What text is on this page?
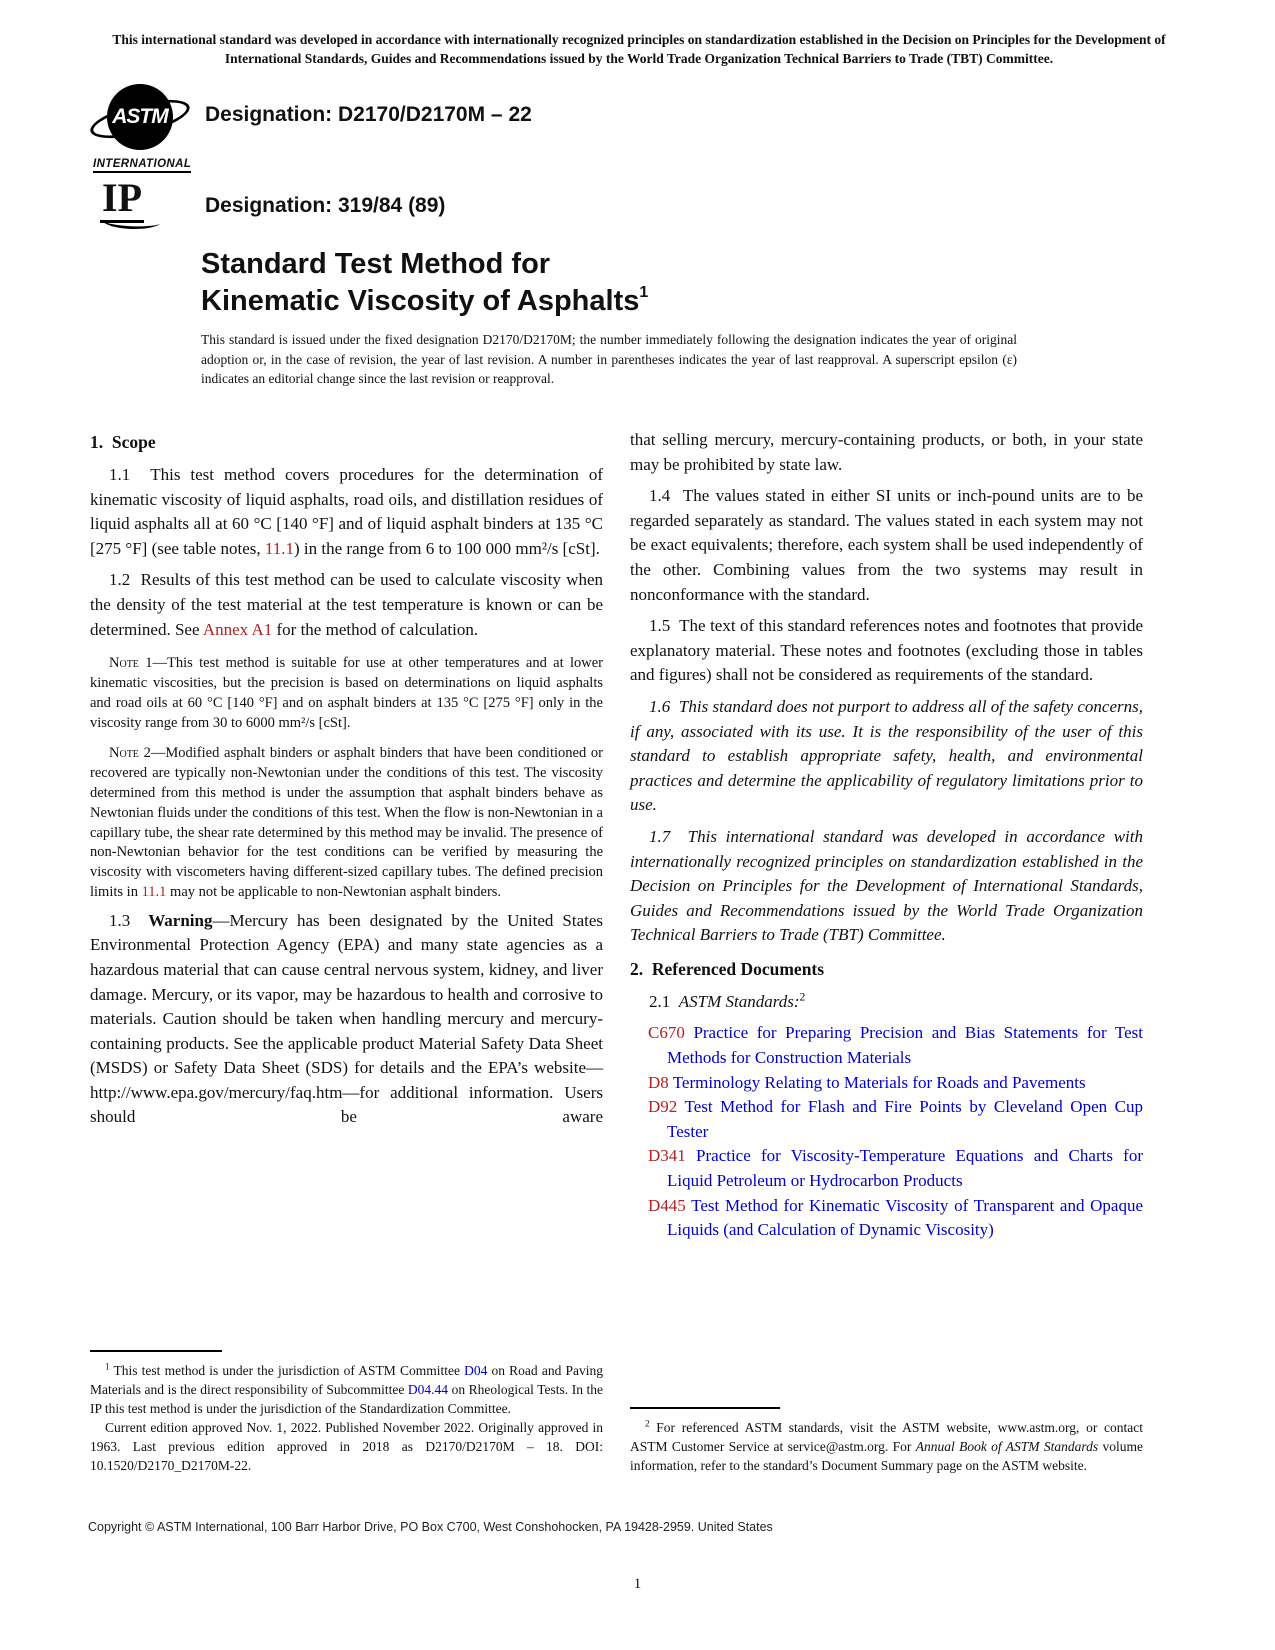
This international standard was developed in accordance with internationally recognized principles on standardization established in the Decision on Principles for the Development of International Standards, Guides and Recommendations issued by the World Trade Organization Technical Barriers to Trade (TBT) Committee.
ASTM
INTERNATIONAL
Designation: D2170/D2170M – 22
IP	Designation: 319/84 (89)
Standard Test Method for
Kinematic Viscosity of Asphalts$^1$
This standard is issued under the fixed designation D2170/D2170M; the number immediately following the designation indicates the year of original adoption or, in the case of revision, the year of last revision. A number in parentheses indicates the year of last reapproval. A superscript epsilon (ε) indicates an editorial change since the last revision or reapproval.
1.  Scope

1.1  This test method covers procedures for the determination of kinematic viscosity of liquid asphalts, road oils, and distillation residues of liquid asphalts all at 60 °C [140 °F] and of liquid asphalt binders at 135 °C [275 °F] (see table notes, 11.1) in the range from 6 to 100 000 mm²/s [cSt].

1.2  Results of this test method can be used to calculate viscosity when the density of the test material at the test temperature is known or can be determined. See Annex A1 for the method of calculation.

Note 1—This test method is suitable for use at other temperatures and at lower kinematic viscosities, but the precision is based on determinations on liquid asphalts and road oils at 60 °C [140 °F] and on asphalt binders at 135 °C [275 °F] only in the viscosity range from 30 to 6000 mm²/s [cSt].

Note 2—Modified asphalt binders or asphalt binders that have been conditioned or recovered are typically non-Newtonian under the conditions of this test. The viscosity determined from this method is under the assumption that asphalt binders behave as Newtonian fluids under the conditions of this test. When the flow is non-Newtonian in a capillary tube, the shear rate determined by this method may be invalid. The presence of non-Newtonian behavior for the test conditions can be verified by measuring the viscosity with viscometers having different-sized capillary tubes. The defined precision limits in 11.1 may not be applicable to non-Newtonian asphalt binders.

1.3  Warning—Mercury has been designated by the United States Environmental Protection Agency (EPA) and many state agencies as a hazardous material that can cause central nervous system, kidney, and liver damage. Mercury, or its vapor, may be hazardous to health and corrosive to materials. Caution should be taken when handling mercury and mercury-containing products. See the applicable product Material Safety Data Sheet (MSDS) or Safety Data Sheet (SDS) for details and the EPA’s website—http://www.epa.gov/mercury/faq.htm—for additional information. Users should be aware

$^1$ This test method is under the jurisdiction of ASTM Committee D04 on Road and Paving Materials and is the direct responsibility of Subcommittee D04.44 on Rheological Tests. In the IP this test method is under the jurisdiction of the Standardization Committee.

Current edition approved Nov. 1, 2022. Published November 2022. Originally approved in 1963. Last previous edition approved in 2018 as D2170/D2170M – 18. DOI: 10.1520/D2170_D2170M-22.

that selling mercury, mercury-containing products, or both, in your state may be prohibited by state law.

1.4  The values stated in either SI units or inch-pound units are to be regarded separately as standard. The values stated in each system may not be exact equivalents; therefore, each system shall be used independently of the other. Combining values from the two systems may result in nonconformance with the standard.

1.5  The text of this standard references notes and footnotes that provide explanatory material. These notes and footnotes (excluding those in tables and figures) shall not be considered as requirements of the standard.

1.6  This standard does not purport to address all of the safety concerns, if any, associated with its use. It is the responsibility of the user of this standard to establish appropriate safety, health, and environmental practices and determine the applicability of regulatory limitations prior to use.

1.7  This international standard was developed in accordance with internationally recognized principles on standardization established in the Decision on Principles for the Development of International Standards, Guides and Recommendations issued by the World Trade Organization Technical Barriers to Trade (TBT) Committee.

2.  Referenced Documents

2.1  ASTM Standards:$^2$

C670 Practice for Preparing Precision and Bias Statements for Test Methods for Construction Materials

D8 Terminology Relating to Materials for Roads and Pavements

D92 Test Method for Flash and Fire Points by Cleveland Open Cup Tester

D341 Practice for Viscosity-Temperature Equations and Charts for Liquid Petroleum or Hydrocarbon Products

D445 Test Method for Kinematic Viscosity of Transparent and Opaque Liquids (and Calculation of Dynamic Viscosity)

$^2$ For referenced ASTM standards, visit the ASTM website, www.astm.org, or contact ASTM Customer Service at service@astm.org. For Annual Book of ASTM Standards volume information, refer to the standard’s Document Summary page on the ASTM website.

Copyright © ASTM International, 100 Barr Harbor Drive, PO Box C700, West Conshohocken, PA 19428-2959. United States
1
